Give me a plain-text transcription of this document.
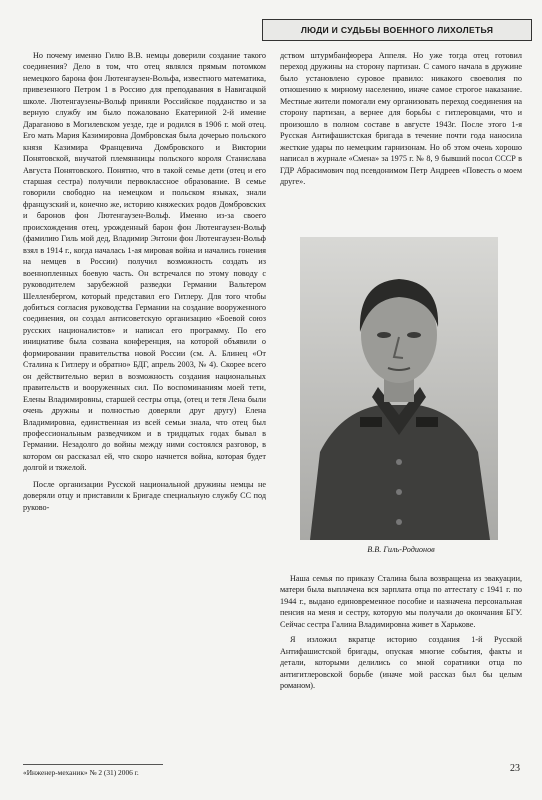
ЛЮДИ И СУДЬБЫ ВОЕННОГО ЛИХОЛЕТЬЯ

Но почему именно Гилю В.В. немцы доверили создание такого соединения? Дело в том, что отец являлся прямым потомком немецкого барона фон Лютенгаузен-Вольфа, известного математика, привезенного Петром 1 в Россию для преподавания в Навигацкой школе. Лютенгаузены-Вольф приняли Российское подданство и за верную службу им было пожаловано Екатериной 2-й имение Дараганово в Могилевском уезде, где и родился в 1906 г. мой отец. Его мать Мария Казимировна Домбровская была дочерью польского князя Казимира Францевича Домбровского и Виктории Понятовской, внучатой племянницы польского короля Станислава Августа Понятовского. Понятно, что в такой семье дети (отец и его старшая сестра) получили первоклассное образование. В семье говорили свободно на немецком и польском языках, знали французский и, конечно же, историю княжеских родов Домбровских и баронов фон Лютенгаузен-Вольф. Именно из-за своего происхождения отец, урожденный барон фон Лютенгаузен-Вольф (фамилию Гиль мой дед, Владимир Энтони фон Лютенгаузен-Вольф взял в 1914 г., когда началась 1-ая мировая война и начались гонения на немцев в России) получил возможность создать из военнопленных боевую часть. Он встречался по этому поводу с руководителем зарубежной разведки Германии Вальтером Шелленбергом, который представил его Гитлеру. Для того чтобы добиться согласия руководства Германии на создание вооруженного соединения, он создал антисоветскую организацию «Боевой союз русских националистов» и написал его программу. По его инициативе была созвана конференция, на которой объявили о формировании правительства новой России (см. А. Блинец «От Сталина к Гитлеру и обратно» БДГ, апрель 2003, № 4). Скорее всего он действительно верил в возможность создания национальных правительств и вооруженных сил. По воспоминаниям моей тети, Елены Владимировны, старшей сестры отца, (отец и тетя Лена были очень дружны и полностью доверяли друг другу) Елена Владимировна, единственная из всей семьи знала, что отец был профессиональным разведчиком и в тридцатых годах бывал в Германии. Незадолго до войны между ними состоялся разговор, в котором он рассказал ей, что скоро начнется война, которая будет долгой и тяжелой.

После организации Русской национальной дружины немцы не доверяли отцу и приставили к Бригаде специальную службу СС под руково-

дством штурмбанфюрера Аппеля. Но уже тогда отец готовил переход дружины на сторону партизан. С самого начала в дружине было установлено суровое правило: никакого своеволия по отношению к мирному населению, иначе самое строгое наказание. Местные жители помогали ему организовать переход соединения на сторону партизан, а вернее для борьбы с гитлеровцами, что и произошло в полном составе в августе 1943г. После этого 1-я Русская Антифашистская бригада в течение почти года наносила жесткие удары по немецким гарнизонам. Но об этом очень хорошо написал в журнале «Смена» за 1975 г. № 8, 9 бывший посол СССР в ГДР Абрасимович под псевдонимом Петр Андреев «Повесть о моем друге».

В.В. Гиль-Родионов

Наша семья по приказу Сталина была возвращена из эвакуации, матери была выплачена вся зарплата отца по аттестату с 1941 г. по 1944 г., выдано единовременное пособие и назначена персональная пенсия на меня и сестру, которую мы получали до окончания БГУ. Сейчас сестра Галина Владимировна живет в Харькове.

Я изложил вкратце историю создания 1-й Русской Антифашистской бригады, опуская многие события, факты и детали, которыми делились со мной соратники отца по антигитлеровской борьбе (иначе мой рассказ был бы целым романом).

«Инженер-механик» № 2 (31) 2006 г.	23
